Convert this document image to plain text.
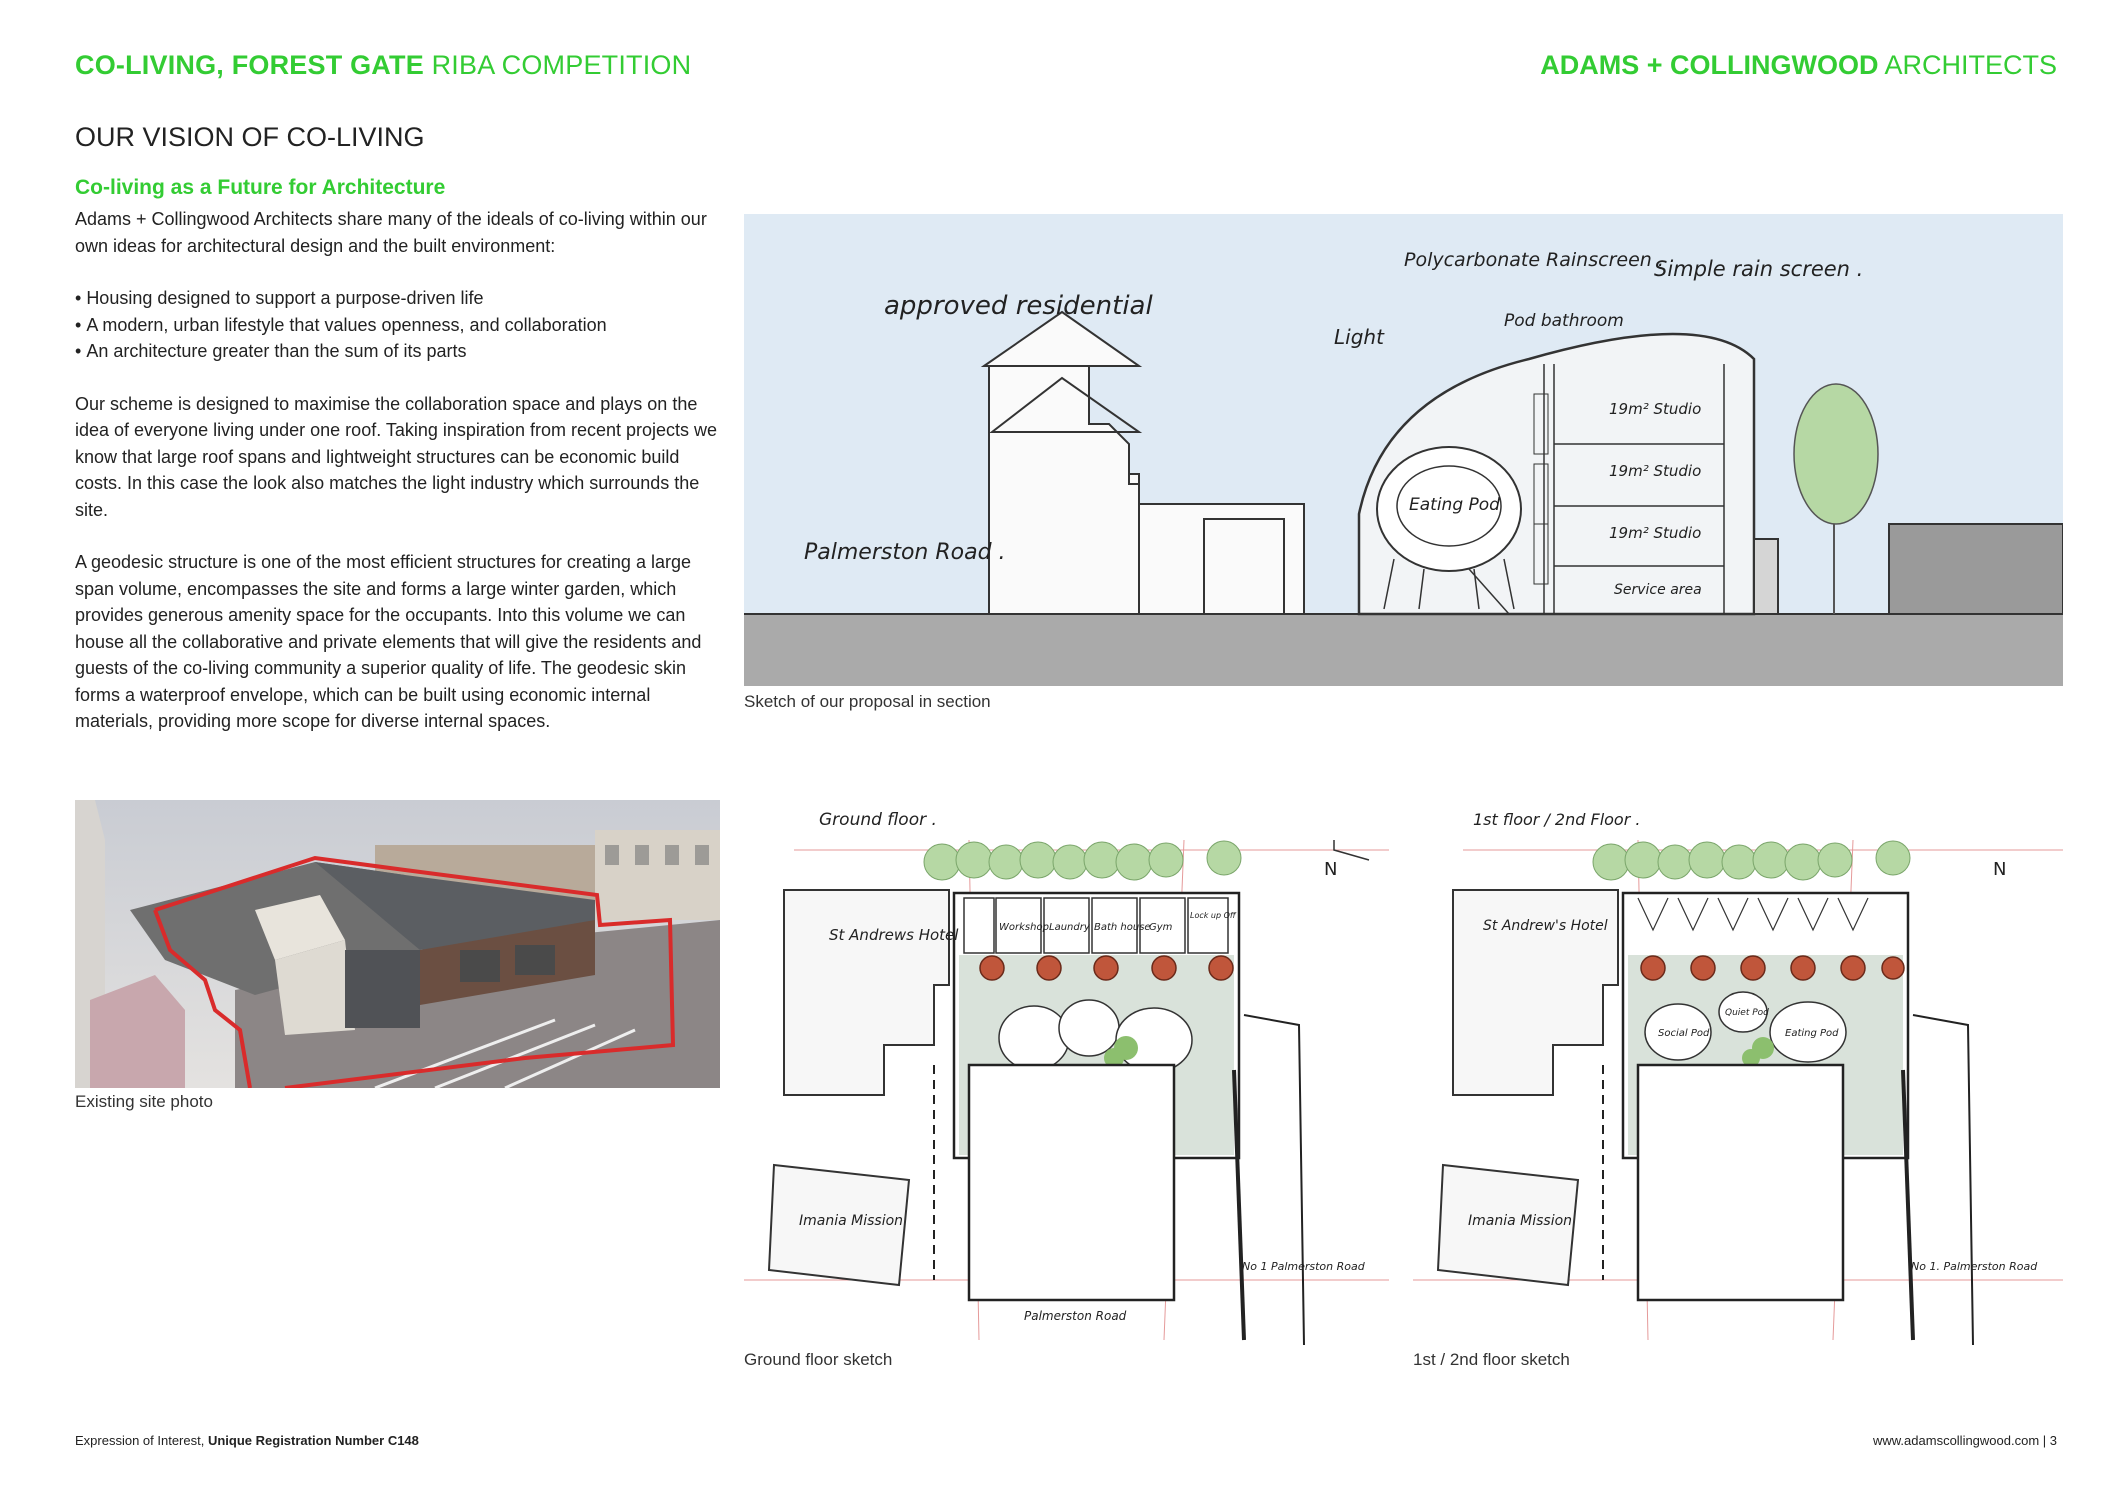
CO-LIVING, FOREST GATE RIBA COMPETITION	ADAMS + COLLINGWOOD ARCHITECTS
OUR VISION OF CO-LIVING
Co-living as a Future for Architecture

Adams + Collingwood Architects share many of the ideals of co-living within our own ideas for architectural design and the built environment:

• Housing designed to support a purpose-driven life
• A modern, urban lifestyle that values openness, and collaboration
• An architecture greater than the sum of its parts

Our scheme is designed to maximise the collaboration space and plays on the idea of everyone living under one roof. Taking inspiration from recent projects we know that large roof spans and lightweight structures can be economic build costs. In this case the look also matches the light industry which surrounds the site.

A geodesic structure is one of the most efficient structures for creating a large span volume, encompasses the site and forms a large winter garden, which provides generous amenity space for the occupants. Into this volume we can house all the collaborative and private elements that will give the residents and guests of the co-living community a superior quality of life. The geodesic skin forms a waterproof envelope, which can be built using economic internal materials, providing more scope for diverse internal spaces.

approved residential
Polycarbonate Rainscreen .
Simple rain screen .
Light
Pod bathroom
19m² Studio
19m² Studio
19m² Studio
Eating Pod
Service area
Palmerston Road .
Sketch of our proposal in section
Existing site photo
Ground floor .
N
St Andrews Hotel	Workshop Laundry Bath house
Gym
Lock up Off
Imania Mission
No 1 Palmerston Road
Palmerston Road
Ground floor sketch
1st floor / 2nd Floor .
N
St Andrew's Hotel
Social Pod
Quiet Pod
Eating Pod
Imania Mission
No 1. Palmerston Road
1st / 2nd floor sketch
Expression of Interest, Unique Registration Number C148	www.adamscollingwood.com | 3
